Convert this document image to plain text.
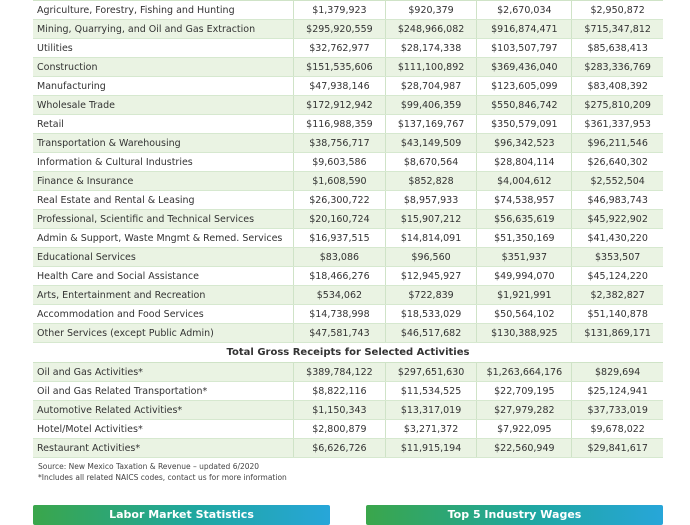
Agriculture, Forestry, Fishing and Hunting	$1,379,923	$920,379	$2,670,034	$2,950,872
Mining, Quarrying, and Oil and Gas Extraction	$295,920,559	$248,966,082	$916,874,471	$715,347,812
Utilities	$32,762,977	$28,174,338	$103,507,797	$85,638,413
Construction	$151,535,606	$111,100,892	$369,436,040	$283,336,769
Manufacturing	$47,938,146	$28,704,987	$123,605,099	$83,408,392
Wholesale Trade	$172,912,942	$99,406,359	$550,846,742	$275,810,209
Retail	$116,988,359	$137,169,767	$350,579,091	$361,337,953
Transportation & Warehousing	$38,756,717	$43,149,509	$96,342,523	$96,211,546
Information & Cultural Industries	$9,603,586	$8,670,564	$28,804,114	$26,640,302
Finance & Insurance	$1,608,590	$852,828	$4,004,612	$2,552,504
Real Estate and Rental & Leasing	$26,300,722	$8,957,933	$74,538,957	$46,983,743
Professional, Scientific and Technical Services	$20,160,724	$15,907,212	$56,635,619	$45,922,902
Admin & Support, Waste Mngmt & Remed. Services	$16,937,515	$14,814,091	$51,350,169	$41,430,220
Educational Services	$83,086	$96,560	$351,937	$353,507
Health Care and Social Assistance	$18,466,276	$12,945,927	$49,994,070	$45,124,220
Arts, Entertainment and Recreation	$534,062	$722,839	$1,921,991	$2,382,827
Accommodation and Food Services	$14,738,998	$18,533,029	$50,564,102	$51,140,878
Other Services (except Public Admin)	$47,581,743	$46,517,682	$130,388,925	$131,869,171
Total Gross Receipts for Selected Activities				
Oil and Gas Activities*	$389,784,122	$297,651,630	$1,263,664,176	$829,694
Oil and Gas Related Transportation*	$8,822,116	$11,534,525	$22,709,195	$25,124,941
Automotive Related Activities*	$1,150,343	$13,317,019	$27,979,282	$37,733,019
Hotel/Motel Activities*	$2,800,879	$3,271,372	$7,922,095	$9,678,022
Restaurant Activities*	$6,626,726	$11,915,194	$22,560,949	$29,841,617
Source: New Mexico Taxation & Revenue – updated 6/2020
*Includes all related NAICS codes, contact us for more information
Labor Market Statistics	Top 5 Industry Wages
